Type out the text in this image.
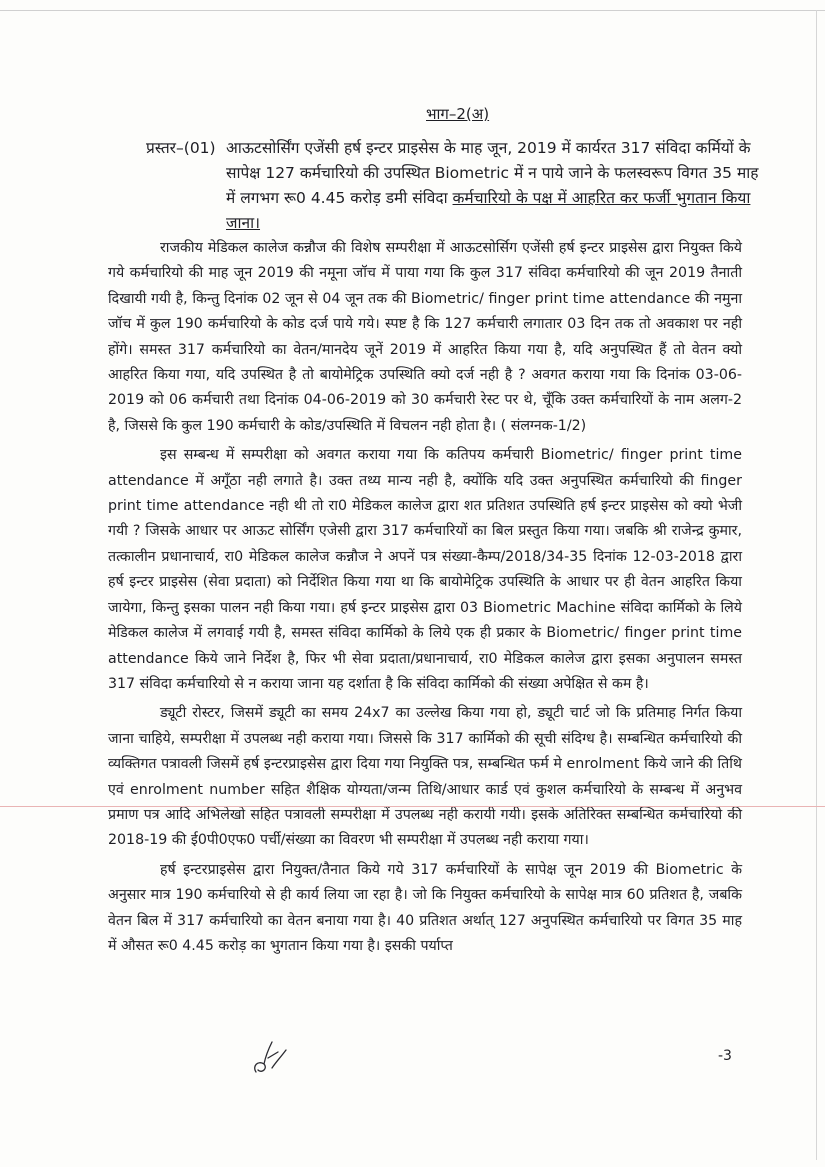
भाग–2(अ)
प्रस्तर–(01) आऊटसोर्सिंग एजेंसी हर्ष इन्टर प्राइसेस के माह जून, 2019 में कार्यरत 317 संविदा कर्मियों के सापेक्ष 127 कर्मचारियो की उपस्थित Biometric में न पाये जाने के फलस्वरूप विगत 35 माह में लगभग रू0 4.45 करोड़ डमी संविदा कर्मचारियो के पक्ष में आहरित कर फर्जी भुगतान किया जाना।

राजकीय मेडिकल कालेज कन्नौज की विशेष सम्परीक्षा में आऊटसोर्सिग एजेंसी हर्ष इन्टर प्राइसेस द्वारा नियुक्त किये गये कर्मचारियो की माह जून 2019 की नमूना जॉच में पाया गया कि कुल 317 संविदा कर्मचारियो की जून 2019 तैनाती दिखायी गयी है, किन्तु दिनांक 02 जून से 04 जून तक की Biometric/ finger print time attendance की नमुना जॉच में कुल 190 कर्मचारियो के कोड दर्ज पाये गये। स्पष्ट है कि 127 कर्मचारी लगातार 03 दिन तक तो अवकाश पर नही होंगे। समस्त 317 कर्मचारियो का वेतन/मानदेय जूनें 2019 में आहरित किया गया है, यदि अनुपस्थित हैं तो वेतन क्यो आहरित किया गया, यदि उपस्थित है तो बायोमेट्रिक उपस्थिति क्यो दर्ज नही है ? अवगत कराया गया कि दिनांक 03-06-2019 को 06 कर्मचारी तथा दिनांक 04-06-2019 को 30 कर्मचारी रेस्ट पर थे, चूँकि उक्त कर्मचारियों के नाम अलग-2 है, जिससे कि कुल 190 कर्मचारी के कोड/उपस्थिति में विचलन नही होता है। ( संलग्नक-1/2)

इस सम्बन्ध में सम्परीक्षा को अवगत कराया गया कि कतिपय कर्मचारी Biometric/ finger print time attendance में अगूँठा नही लगाते है। उक्त तथ्य मान्य नही है, क्योंकि यदि उक्त अनुपस्थित कर्मचारियो की finger print time attendance नही थी तो रा0 मेडिकल कालेज द्वारा शत प्रतिशत उपस्थिति हर्ष इन्टर प्राइसेस को क्यो भेजी गयी ? जिसके आधार पर आऊट सोर्सिंग एजेसी द्वारा 317 कर्मचारियों का बिल प्रस्तुत किया गया। जबकि श्री राजेन्द्र कुमार, तत्कालीन प्रधानाचार्य, रा0 मेडिकल कालेज कन्नौज ने अपनें पत्र संख्या-कैम्प/2018/34-35 दिनांक 12-03-2018 द्वारा हर्ष इन्टर प्राइसेस (सेवा प्रदाता) को निर्देशित किया गया था कि बायोमेट्रिक उपस्थिति के आधार पर ही वेतन आहरित किया जायेगा, किन्तु इसका पालन नही किया गया। हर्ष इन्टर प्राइसेस द्वारा 03 Biometric Machine संविदा कार्मिको के लिये मेडिकल कालेज में लगवाई गयी है, समस्त संविदा कार्मिको के लिये एक ही प्रकार के Biometric/ finger print time attendance किये जाने निर्देश है, फिर भी सेवा प्रदाता/प्रधानाचार्य, रा0 मेडिकल कालेज द्वारा इसका अनुपालन समस्त 317 संविदा कर्मचारियो से न कराया जाना यह दर्शाता है कि संविदा कार्मिको की संख्या अपेक्षित से कम है।

ड्यूटी रोस्टर, जिसमें ड्यूटी का समय 24x7 का उल्लेख किया गया हो, ड्यूटी चार्ट जो कि प्रतिमाह निर्गत किया जाना चाहिये, सम्परीक्षा में उपलब्ध नही कराया गया। जिससे कि 317 कार्मिको की सूची संदिग्ध है। सम्बन्धित कर्मचारियो की व्यक्तिगत पत्रावली जिसमें हर्ष इन्टरप्राइसेस द्वारा दिया गया नियुक्ति पत्र, सम्बन्धित फर्म मे enrolment किये जाने की तिथि एवं enrolment number सहित शैक्षिक योग्यता/जन्म तिथि/आधार कार्ड एवं कुशल कर्मचारियो के सम्बन्ध में अनुभव प्रमाण पत्र आदि अभिलेखो सहित पत्रावली सम्परीक्षा में उपलब्ध नही करायी गयी। इसके अतिरिक्त सम्बन्धित कर्मचारियो की 2018-19 की ई0पी0एफ0 पर्ची/संख्या का विवरण भी सम्परीक्षा में उपलब्ध नही कराया गया।

हर्ष इन्टरप्राइसेस द्वारा नियुक्त/तैनात किये गये 317 कर्मचारियों के सापेक्ष जून 2019 की Biometric के अनुसार मात्र 190 कर्मचारियो से ही कार्य लिया जा रहा है। जो कि नियुक्त कर्मचारियो के सापेक्ष मात्र 60 प्रतिशत है, जबकि वेतन बिल में 317 कर्मचारियो का वेतन बनाया गया है। 40 प्रतिशत अर्थात् 127 अनुपस्थित कर्मचारियो पर विगत 35 माह में औसत रू0 4.45 करोड़ का भुगतान किया गया है। इसकी पर्याप्त

-3
